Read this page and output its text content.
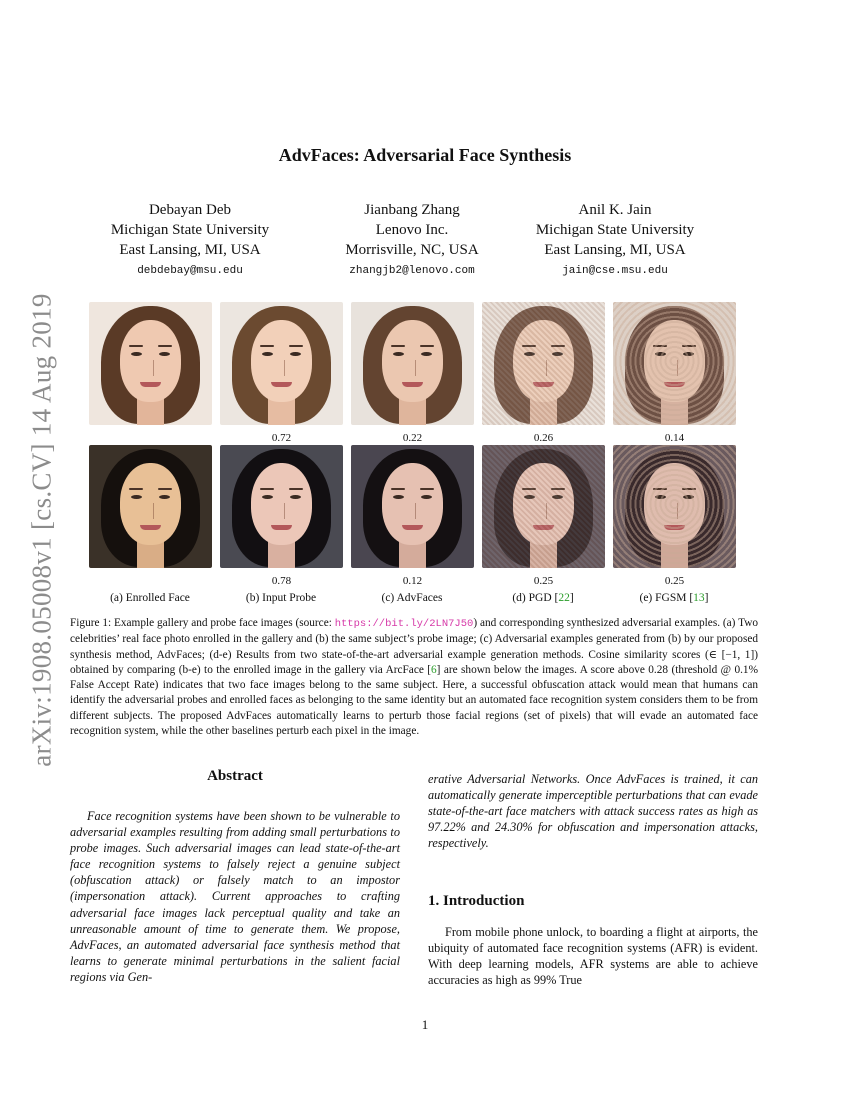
arXiv:1908.05008v1 [cs.CV] 14 Aug 2019
AdvFaces: Adversarial Face Synthesis
Debayan Deb
Michigan State University
East Lansing, MI, USA
debdebay@msu.edu
Jianbang Zhang
Lenovo Inc.
Morrisville, NC, USA
zhangjb2@lenovo.com
Anil K. Jain
Michigan State University
East Lansing, MI, USA
jain@cse.msu.edu
0.72	0.22	0.26	0.14
0.78	0.12	0.25	0.25
(a) Enrolled Face	(b) Input Probe	(c) AdvFaces	(d) PGD [22]	(e) FGSM [13]
Figure 1: Example gallery and probe face images (source: https://bit.ly/2LN7J50) and corresponding synthesized adversarial examples. (a) Two celebrities’ real face photo enrolled in the gallery and (b) the same subject’s probe image; (c) Adversarial examples generated from (b) by our proposed synthesis method, AdvFaces; (d-e) Results from two state-of-the-art adversarial example generation methods. Cosine similarity scores (∈ [−1, 1]) obtained by comparing (b-e) to the enrolled image in the gallery via ArcFace [6] are shown below the images. A score above 0.28 (threshold @ 0.1% False Accept Rate) indicates that two face images belong to the same subject. Here, a successful obfuscation attack would mean that humans can identify the adversarial probes and enrolled faces as belonging to the same identity but an automated face recognition system considers them to be from different subjects. The proposed AdvFaces automatically learns to perturb those facial regions (set of pixels) that will evade an automated face recognition system, while the other baselines perturb each pixel in the image.
Abstract
Face recognition systems have been shown to be vulnerable to adversarial examples resulting from adding small perturbations to probe images. Such adversarial images can lead state-of-the-art face recognition systems to falsely reject a genuine subject (obfuscation attack) or falsely match to an impostor (impersonation attack). Current approaches to crafting adversarial face images lack perceptual quality and take an unreasonable amount of time to generate them. We propose, AdvFaces, an automated adversarial face synthesis method that learns to generate minimal perturbations in the salient facial regions via Gen-
erative Adversarial Networks. Once AdvFaces is trained, it can automatically generate imperceptible perturbations that can evade state-of-the-art face matchers with attack success rates as high as 97.22% and 24.30% for obfuscation and impersonation attacks, respectively.
1. Introduction
From mobile phone unlock, to boarding a flight at airports, the ubiquity of automated face recognition systems (AFR) is evident. With deep learning models, AFR systems are able to achieve accuracies as high as 99% True
1
